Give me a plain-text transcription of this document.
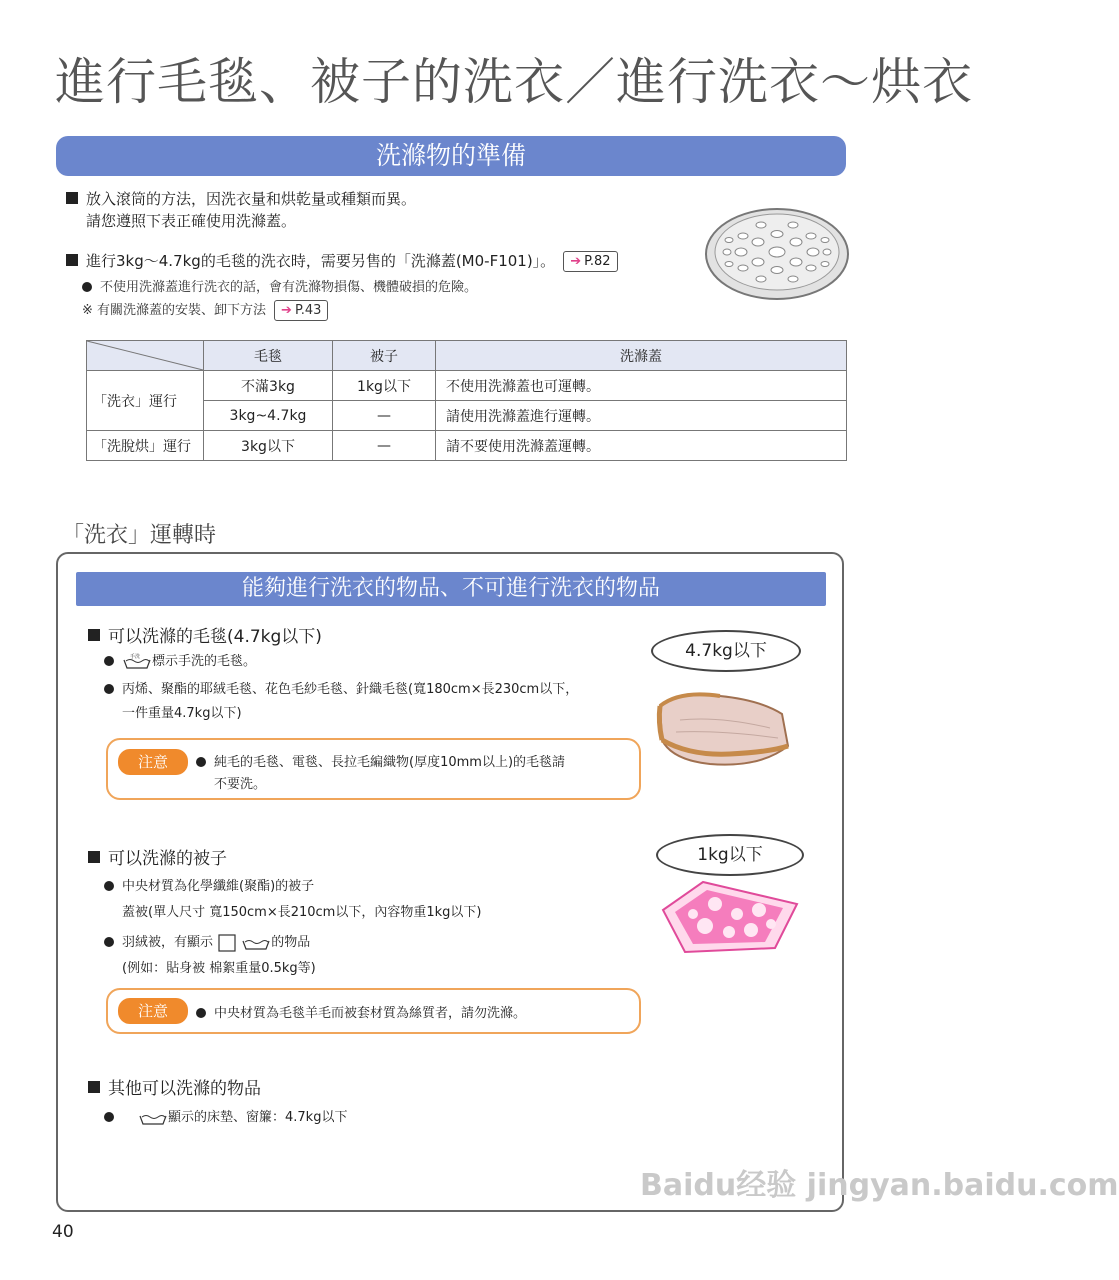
進行毛毯、被子的洗衣／進行洗衣～烘衣
洗滌物的準備
放入滾筒的方法，因洗衣量和烘乾量或種類而異。
請您遵照下表正確使用洗滌蓋。
進行3kg～4.7kg的毛毯的洗衣時，需要另售的「洗滌蓋(M0-F101)」。 ➔ P.82
不使用洗滌蓋進行洗衣的話，會有洗滌物損傷、機體破損的危險。
※ 有關洗滌蓋的安裝、卸下方法 ➔ P.43
	毛毯	被子	洗滌蓋
「洗衣」運行	不滿3kg	1kg以下	不使用洗滌蓋也可運轉。
	3kg~4.7kg	—	請使用洗滌蓋進行運轉。
「洗脫烘」運行	3kg以下	—	請不要使用洗滌蓋運轉。
「洗衣」運轉時
能夠進行洗衣的物品、不可進行洗衣的物品
可以洗滌的毛毯(4.7kg以下)
手洗 標示手洗的毛毯。
丙烯、聚酯的耶絨毛毯、花色毛紗毛毯、針織毛毯(寬180cm×長230cm以下，
一件重量4.7kg以下)
注意	純毛的毛毯、電毯、長拉毛編織物(厚度10mm以上)的毛毯請
不要洗。
4.7kg以下
可以洗滌的被子
中央材質為化學纖維(聚酯)的被子
蓋被(單人尺寸 寬150cm×長210cm以下，內容物重1kg以下)
羽絨被，有顯示	的物品
(例如：貼身被 棉絮重量0.5kg等)
注意	中央材質為毛毯羊毛而被套材質為絲質者，請勿洗滌。
1kg以下
其他可以洗滌的物品
顯示的床墊、窗簾：4.7kg以下
Baidu经验 jingyan.baidu.com
40
